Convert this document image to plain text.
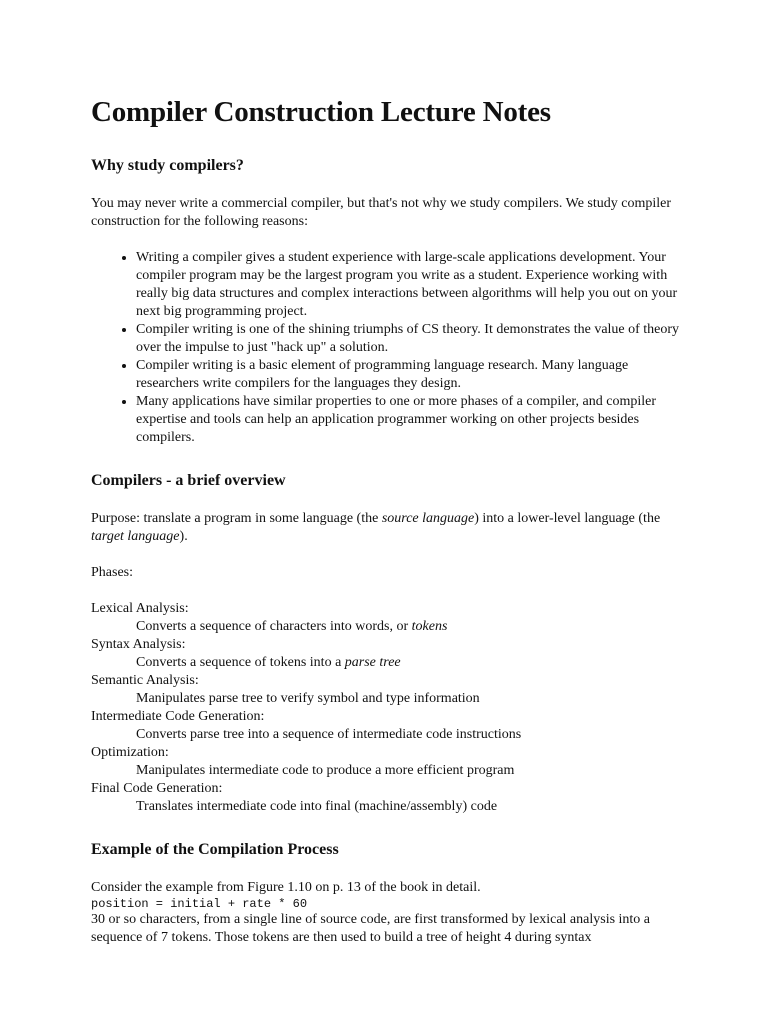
Compiler Construction Lecture Notes
Why study compilers?

You may never write a commercial compiler, but that's not why we study compilers. We study compiler construction for the following reasons:

• Writing a compiler gives a student experience with large-scale applications development. Your compiler program may be the largest program you write as a student. Experience working with really big data structures and complex interactions between algorithms will help you out on your next big programming project.
• Compiler writing is one of the shining triumphs of CS theory. It demonstrates the value of theory over the impulse to just "hack up" a solution.
• Compiler writing is a basic element of programming language research. Many language researchers write compilers for the languages they design.
• Many applications have similar properties to one or more phases of a compiler, and compiler expertise and tools can help an application programmer working on other projects besides compilers.
Compilers - a brief overview

Purpose: translate a program in some language (the source language) into a lower-level language (the target language).

Phases:

Lexical Analysis:
Converts a sequence of characters into words, or tokens
Syntax Analysis:
Converts a sequence of tokens into a parse tree
Semantic Analysis:
Manipulates parse tree to verify symbol and type information
Intermediate Code Generation:
Converts parse tree into a sequence of intermediate code instructions
Optimization:
Manipulates intermediate code to produce a more efficient program
Final Code Generation:
Translates intermediate code into final (machine/assembly) code
Example of the Compilation Process

Consider the example from Figure 1.10 on p. 13 of the book in detail.

position = initial + rate * 60

30 or so characters, from a single line of source code, are first transformed by lexical analysis into a sequence of 7 tokens. Those tokens are then used to build a tree of height 4 during syntax
